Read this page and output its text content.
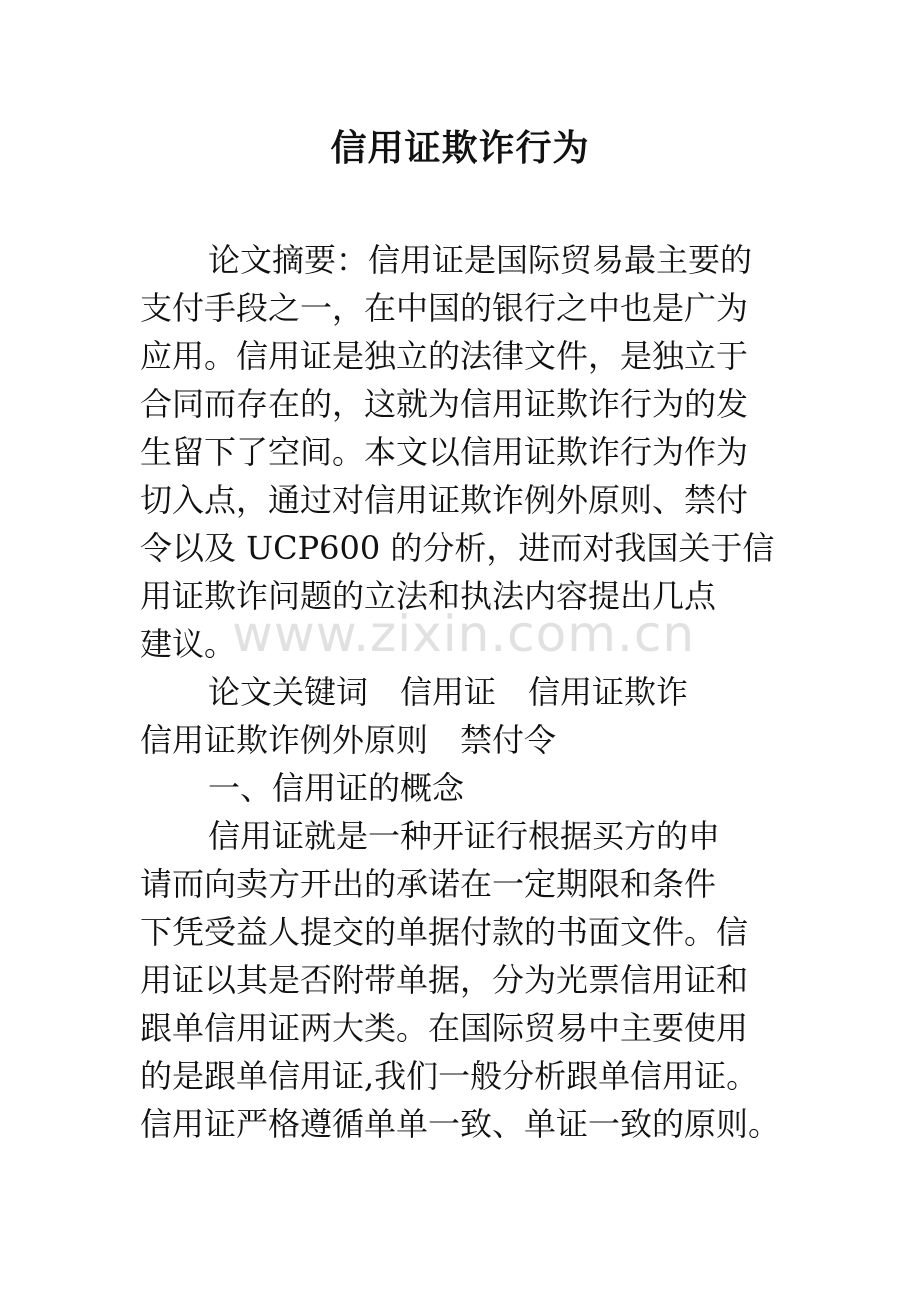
信用证欺诈行为
www.zixin.com.cn

论文摘要：信用证是国际贸易最主要的

支付手段之一，在中国的银行之中也是广为

应用。信用证是独立的法律文件，是独立于

合同而存在的，这就为信用证欺诈行为的发

生留下了空间。本文以信用证欺诈行为作为

切入点，通过对信用证欺诈例外原则、禁付

令以及 UCP600 的分析，进而对我国关于信

用证欺诈问题的立法和执法内容提出几点

建议。

论文关键词　信用证　信用证欺诈

信用证欺诈例外原则　禁付令

一、信用证的概念

信用证就是一种开证行根据买方的申

请而向卖方开出的承诺在一定期限和条件

下凭受益人提交的单据付款的书面文件。信

用证以其是否附带单据，分为光票信用证和

跟单信用证两大类。在国际贸易中主要使用

的是跟单信用证,我们一般分析跟单信用证。

信用证严格遵循单单一致、单证一致的原则。
